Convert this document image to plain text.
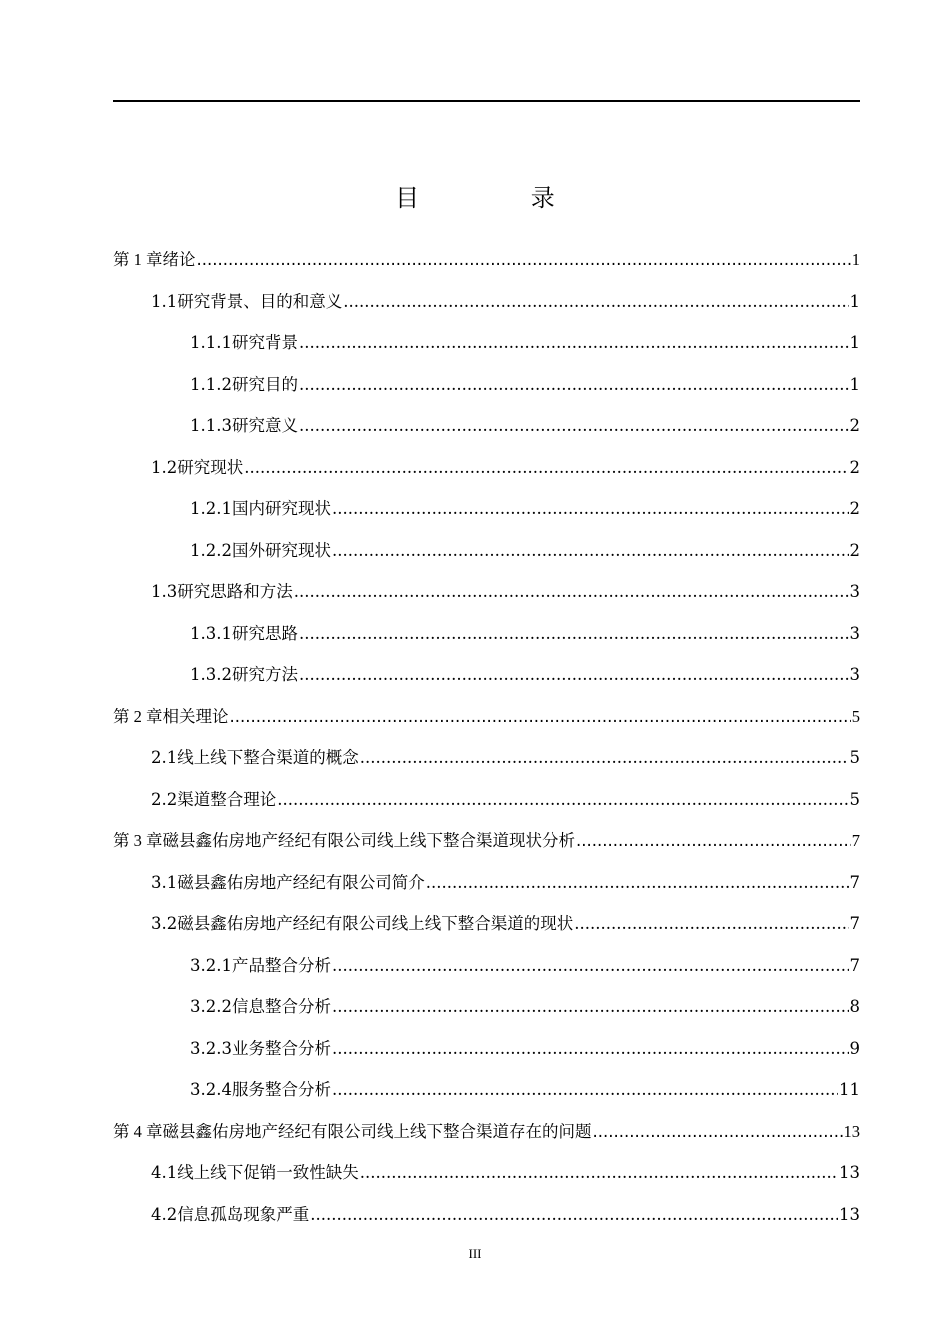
目 录
第 1 章 绪论 .....	1
1.1 研究背景、目的和意义 .....	1
1.1.1 研究背景 .....	1
1.1.2 研究目的 .....	1
1.1.3 研究意义 .....	2
1.2 研究现状 .....	2
1.2.1 国内研究现状 .....	2
1.2.2 国外研究现状 .....	2
1.3 研究思路和方法 .....	3
1.3.1 研究思路 .....	3
1.3.2 研究方法 .....	3
第 2 章 相关理论 .....	5
2.1 线上线下整合渠道的概念 .....	5
2.2 渠道整合理论 .....	5
第 3 章 磁县鑫佑房地产经纪有限公司线上线下整合渠道现状分析 .....	7
3.1 磁县鑫佑房地产经纪有限公司简介 .....	7
3.2 磁县鑫佑房地产经纪有限公司线上线下整合渠道的现状 .....	7
3.2.1 产品整合分析 .....	7
3.2.2 信息整合分析 .....	8
3.2.3 业务整合分析 .....	9
3.2.4 服务整合分析 .....	11
第 4 章 磁县鑫佑房地产经纪有限公司线上线下整合渠道存在的问题 .....	13
4.1 线上线下促销一致性缺失 .....	13
4.2 信息孤岛现象严重 .....	13
III
